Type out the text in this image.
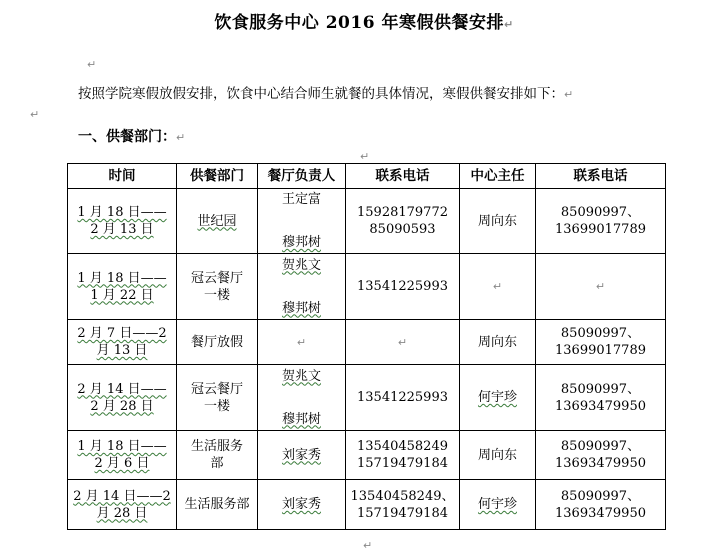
饮食服务中心 2016 年寒假供餐安排↵
↵
↵
按照学院寒假放假安排，饮食中心结合师生就餐的具体情况，寒假供餐安排如下：↵
一、供餐部门：↵
↵
时间	供餐部门	餐厅负责人	联系电话	中心主任	联系电话

1 月 18 日——
2 月 13 日	世纪园	王定富
穆邦树	15928179772
85090593	周向东	85090997、
13699017789

1 月 18 日——
1 月 22 日	冠云餐厅
一楼	贺兆文
穆邦树	13541225993	↵	↵

2 月 7 日——2
月 13 日	餐厅放假	↵	↵	周向东	85090997、
13699017789

2 月 14 日——
2 月 28 日	冠云餐厅
一楼	贺兆文
穆邦树	13541225993	何宇珍	85090997、
13693479950

1 月 18 日——
2 月 6 日	生活服务
部	刘家秀	13540458249
15719479184	周向东	85090997、
13693479950

2 月 14 日——2
月 28 日	生活服务部	刘家秀	13540458249、
15719479184	何宇珍	85090997、
13693479950
↵
